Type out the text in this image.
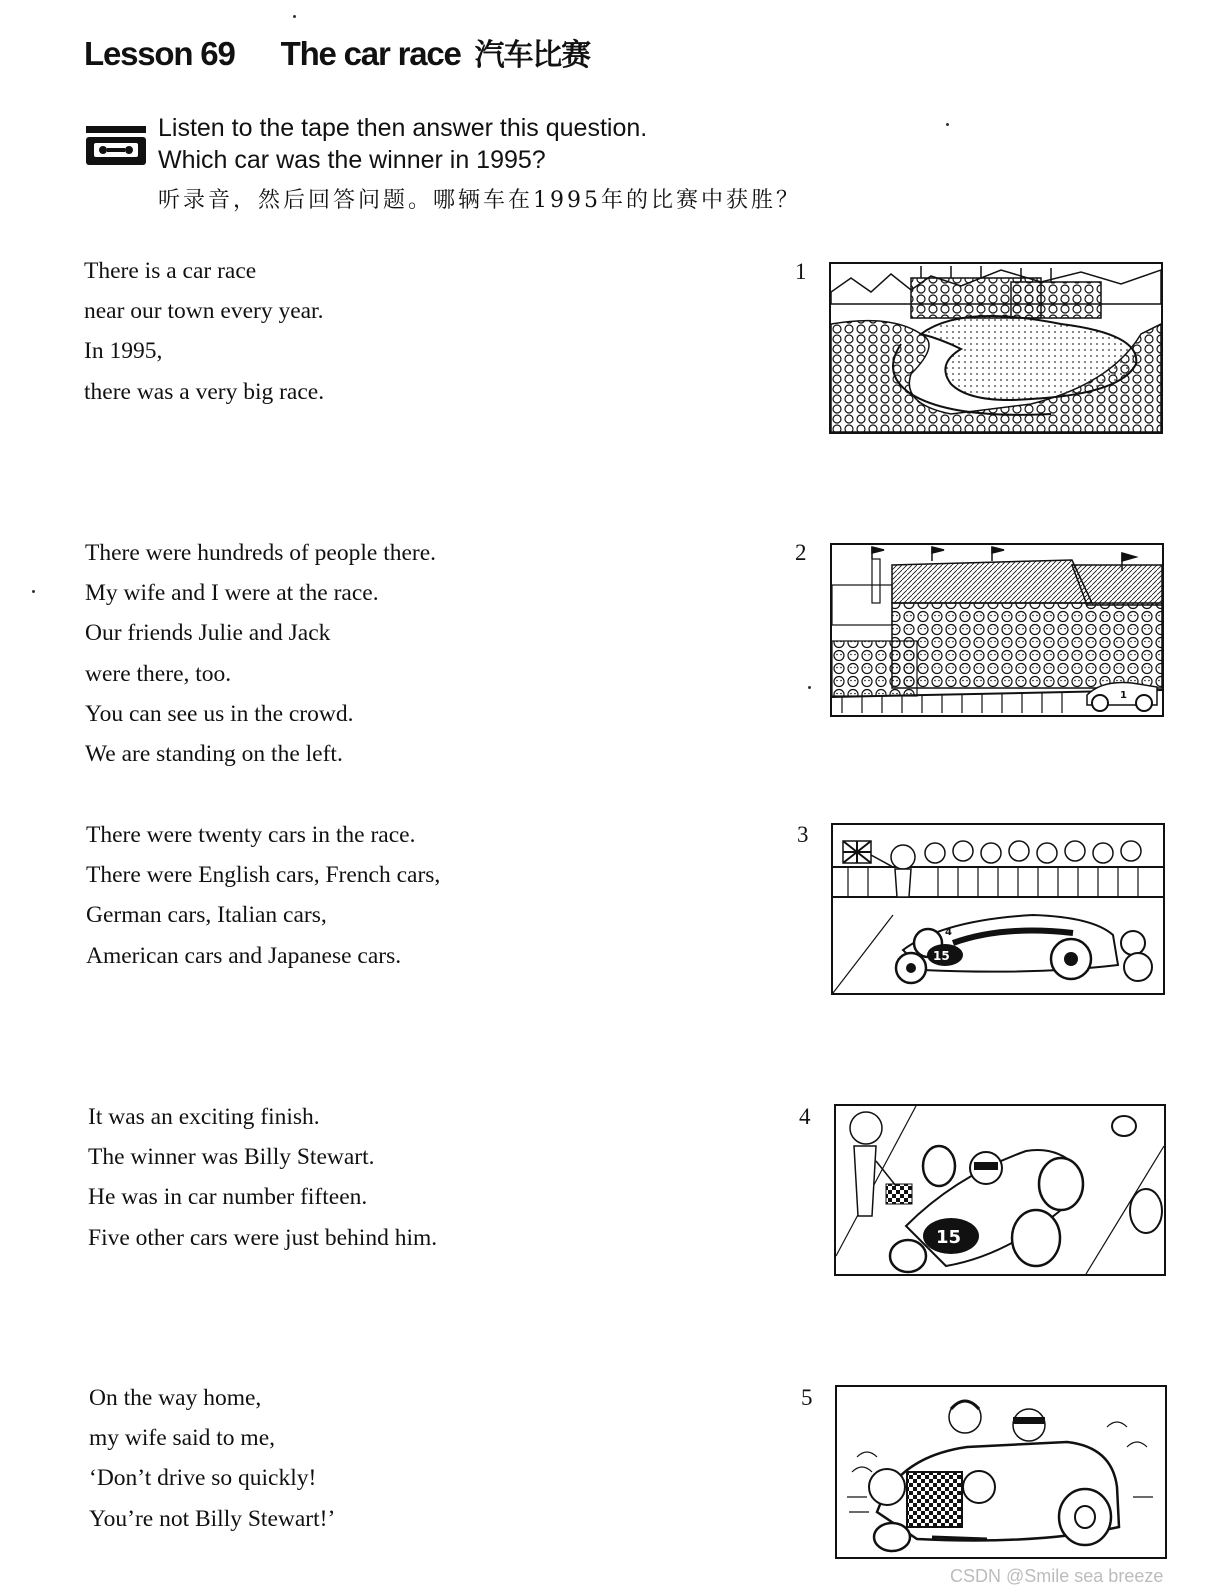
Lesson 69 The car race 汽车比赛
Listen to the tape then answer this question.
Which car was the winner in 1995?
听录音，然后回答问题。哪辆车在1995年的比赛中获胜？
There is a car race
near our town every year.
In 1995,
there was a very big race.
1
There were hundreds of people there.
My wife and I were at the race.
Our friends Julie and Jack
were there, too.
You can see us in the crowd.
We are standing on the left.
2
1
There were twenty cars in the race.
There were English cars, French cars,
German cars, Italian cars,
American cars and Japanese cars.
3
15
4
It was an exciting finish.
The winner was Billy Stewart.
He was in car number fifteen.
Five other cars were just behind him.
4
15
On the way home,
my wife said to me,
‘Don’t drive so quickly!
You’re not Billy Stewart!’
5
CSDN @Smile sea breeze
